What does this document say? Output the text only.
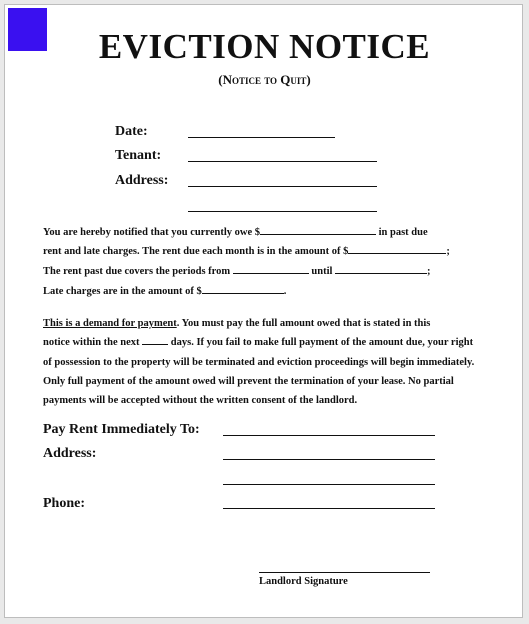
EVICTION NOTICE
(Notice to Quit)
Date:
Tenant:
Address:
You are hereby notified that you currently owe $	in past due
rent and late charges. The rent due each month is in the amount of $	;
The rent past due covers the periods from	until	;
Late charges are in the amount of $	.
This is a demand for payment. You must pay the full amount owed that is stated in this
notice within the next	days. If you fail to make full payment of the amount due, your right
of possession to the property will be terminated and eviction proceedings will begin immediately.
Only full payment of the amount owed will prevent the termination of your lease. No partial
payments will be accepted without the written consent of the landlord.
Pay Rent Immediately To:
Address:
Phone:
Landlord Signature
